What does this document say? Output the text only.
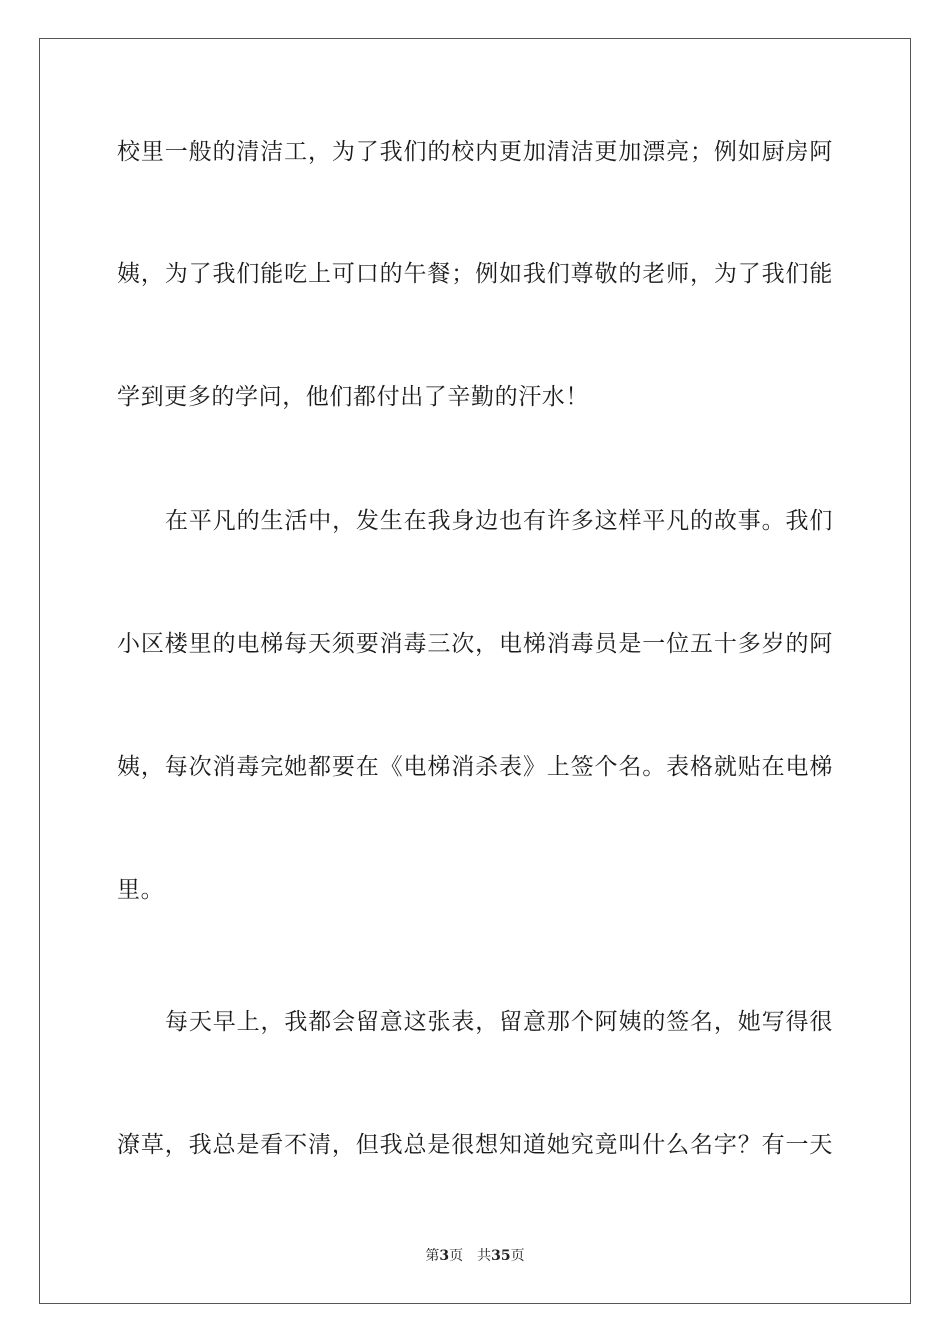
校里一般的清洁工，为了我们的校内更加清洁更加漂亮；例如厨房阿
姨，为了我们能吃上可口的午餐；例如我们尊敬的老师，为了我们能
学到更多的学问，他们都付出了辛勤的汗水！
在平凡的生活中，发生在我身边也有许多这样平凡的故事。我们
小区楼里的电梯每天须要消毒三次，电梯消毒员是一位五十多岁的阿
姨，每次消毒完她都要在《电梯消杀表》上签个名。表格就贴在电梯
里。
每天早上，我都会留意这张表，留意那个阿姨的签名，她写得很
潦草，我总是看不清，但我总是很想知道她究竟叫什么名字？有一天
第3页 共35页
